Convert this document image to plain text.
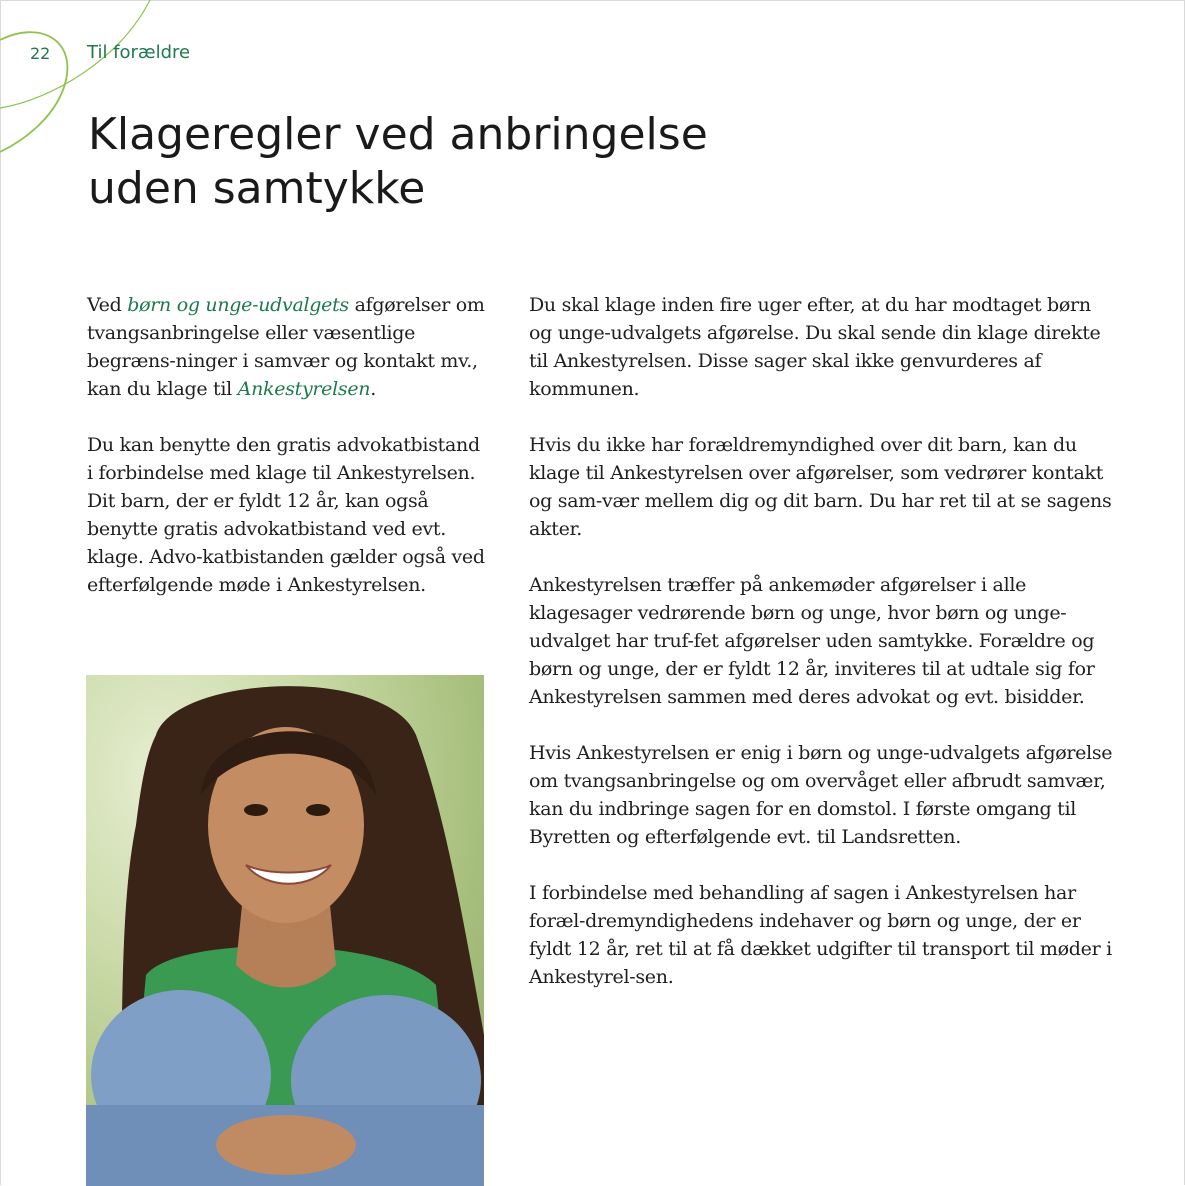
22 Til forældre
Klageregler ved anbringelse
uden samtykke

Ved børn og unge-udvalgets afgørelser om tvangsanbringelse eller væsentlige begræns-ninger i samvær og kontakt mv., kan du klage til Ankestyrelsen.

Du kan benytte den gratis advokatbistand i forbindelse med klage til Ankestyrelsen. Dit barn, der er fyldt 12 år, kan også benytte gratis advokatbistand ved evt. klage. Advo-katbistanden gælder også ved efterfølgende møde i Ankestyrelsen.

Du skal klage inden fire uger efter, at du har modtaget børn og unge-udvalgets afgørelse. Du skal sende din klage direkte til Ankestyrelsen. Disse sager skal ikke genvurderes af kommunen.

Hvis du ikke har forældremyndighed over dit barn, kan du klage til Ankestyrelsen over afgørelser, som vedrører kontakt og sam-vær mellem dig og dit barn. Du har ret til at se sagens akter.

Ankestyrelsen træffer på ankemøder afgørelser i alle klagesager vedrørende børn og unge, hvor børn og unge-udvalget har truf-fet afgørelser uden samtykke. Forældre og børn og unge, der er fyldt 12 år, inviteres til at udtale sig for Ankestyrelsen sammen med deres advokat og evt. bisidder.

Hvis Ankestyrelsen er enig i børn og unge-udvalgets afgørelse om tvangsanbringelse og om overvåget eller afbrudt samvær, kan du indbringe sagen for en domstol. I første omgang til Byretten og efterfølgende evt. til Landsretten.

I forbindelse med behandling af sagen i Ankestyrelsen har foræl-dremyndighedens indehaver og børn og unge, der er fyldt 12 år, ret til at få dækket udgifter til transport til møder i Ankestyrel-sen.
